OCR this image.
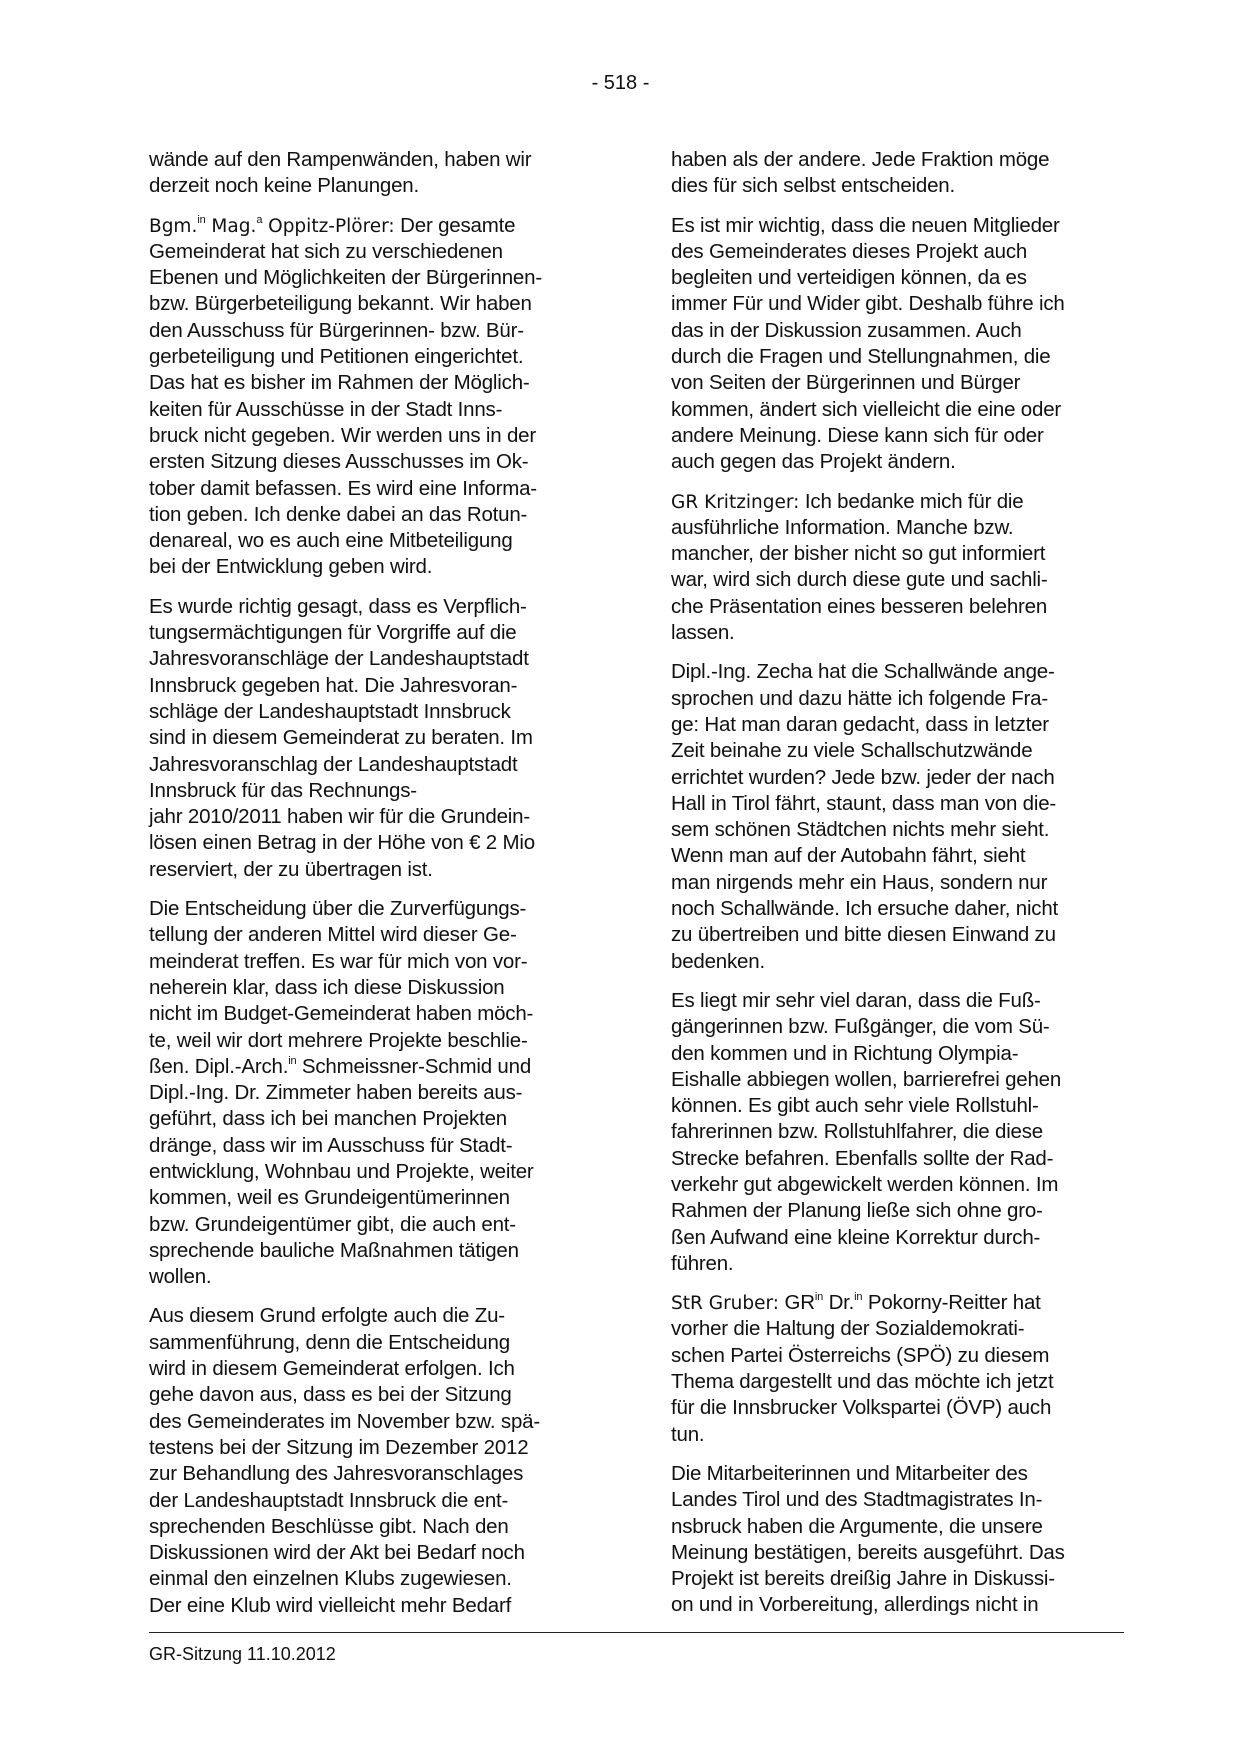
- 518 -
wände auf den Rampenwänden, haben wir
derzeit noch keine Planungen.
Bgm.$^{in}$ Mag.$^a$ Oppitz-Plörer: Der gesamte
Gemeinderat hat sich zu verschiedenen
Ebenen und Möglichkeiten der Bürgerinnen-
bzw. Bürgerbeteiligung bekannt. Wir haben
den Ausschuss für Bürgerinnen- bzw. Bür-
gerbeteiligung und Petitionen eingerichtet.
Das hat es bisher im Rahmen der Möglich-
keiten für Ausschüsse in der Stadt Inns-
bruck nicht gegeben. Wir werden uns in der
ersten Sitzung dieses Ausschusses im Ok-
tober damit befassen. Es wird eine Informa-
tion geben. Ich denke dabei an das Rotun-
denareal, wo es auch eine Mitbeteiligung
bei der Entwicklung geben wird.
Es wurde richtig gesagt, dass es Verpflich-
tungsermächtigungen für Vorgriffe auf die
Jahresvoranschläge der Landeshauptstadt
Innsbruck gegeben hat. Die Jahresvoran-
schläge der Landeshauptstadt Innsbruck
sind in diesem Gemeinderat zu beraten. Im
Jahresvoranschlag der Landeshauptstadt
Innsbruck für das Rechnungs-
jahr 2010/2011 haben wir für die Grundein-
lösen einen Betrag in der Höhe von € 2 Mio
reserviert, der zu übertragen ist.
Die Entscheidung über die Zurverfügungs-
tellung der anderen Mittel wird dieser Ge-
meinderat treffen. Es war für mich von vor-
neherein klar, dass ich diese Diskussion
nicht im Budget-Gemeinderat haben möch-
te, weil wir dort mehrere Projekte beschlie-
ßen. Dipl.-Arch.$^{in}$ Schmeissner-Schmid und
Dipl.-Ing. Dr. Zimmeter haben bereits aus-
geführt, dass ich bei manchen Projekten
dränge, dass wir im Ausschuss für Stadt-
entwicklung, Wohnbau und Projekte, weiter
kommen, weil es Grundeigentümerinnen
bzw. Grundeigentümer gibt, die auch ent-
sprechende bauliche Maßnahmen tätigen
wollen.
Aus diesem Grund erfolgte auch die Zu-
sammenführung, denn die Entscheidung
wird in diesem Gemeinderat erfolgen. Ich
gehe davon aus, dass es bei der Sitzung
des Gemeinderates im November bzw. spä-
testens bei der Sitzung im Dezember 2012
zur Behandlung des Jahresvoranschlages
der Landeshauptstadt Innsbruck die ent-
sprechenden Beschlüsse gibt. Nach den
Diskussionen wird der Akt bei Bedarf noch
einmal den einzelnen Klubs zugewiesen.
Der eine Klub wird vielleicht mehr Bedarf
haben als der andere. Jede Fraktion möge
dies für sich selbst entscheiden.
Es ist mir wichtig, dass die neuen Mitglieder
des Gemeinderates dieses Projekt auch
begleiten und verteidigen können, da es
immer Für und Wider gibt. Deshalb führe ich
das in der Diskussion zusammen. Auch
durch die Fragen und Stellungnahmen, die
von Seiten der Bürgerinnen und Bürger
kommen, ändert sich vielleicht die eine oder
andere Meinung. Diese kann sich für oder
auch gegen das Projekt ändern.
GR Kritzinger: Ich bedanke mich für die
ausführliche Information. Manche bzw.
mancher, der bisher nicht so gut informiert
war, wird sich durch diese gute und sachli-
che Präsentation eines besseren belehren
lassen.
Dipl.-Ing. Zecha hat die Schallwände ange-
sprochen und dazu hätte ich folgende Fra-
ge: Hat man daran gedacht, dass in letzter
Zeit beinahe zu viele Schallschutzwände
errichtet wurden? Jede bzw. jeder der nach
Hall in Tirol fährt, staunt, dass man von die-
sem schönen Städtchen nichts mehr sieht.
Wenn man auf der Autobahn fährt, sieht
man nirgends mehr ein Haus, sondern nur
noch Schallwände. Ich ersuche daher, nicht
zu übertreiben und bitte diesen Einwand zu
bedenken.
Es liegt mir sehr viel daran, dass die Fuß-
gängerinnen bzw. Fußgänger, die vom Sü-
den kommen und in Richtung Olympia-
Eishalle abbiegen wollen, barrierefrei gehen
können. Es gibt auch sehr viele Rollstuhl-
fahrerinnen bzw. Rollstuhlfahrer, die diese
Strecke befahren. Ebenfalls sollte der Rad-
verkehr gut abgewickelt werden können. Im
Rahmen der Planung ließe sich ohne gro-
ßen Aufwand eine kleine Korrektur durch-
führen.
StR Gruber: $GR^{in}$ Dr.$^{in}$ Pokorny-Reitter hat
vorher die Haltung der Sozialdemokrati-
schen Partei Österreichs (SPÖ) zu diesem
Thema dargestellt und das möchte ich jetzt
für die Innsbrucker Volkspartei (ÖVP) auch
tun.
Die Mitarbeiterinnen und Mitarbeiter des
Landes Tirol und des Stadtmagistrates In-
nsbruck haben die Argumente, die unsere
Meinung bestätigen, bereits ausgeführt. Das
Projekt ist bereits dreißig Jahre in Diskussi-
on und in Vorbereitung, allerdings nicht in
GR-Sitzung 11.10.2012
